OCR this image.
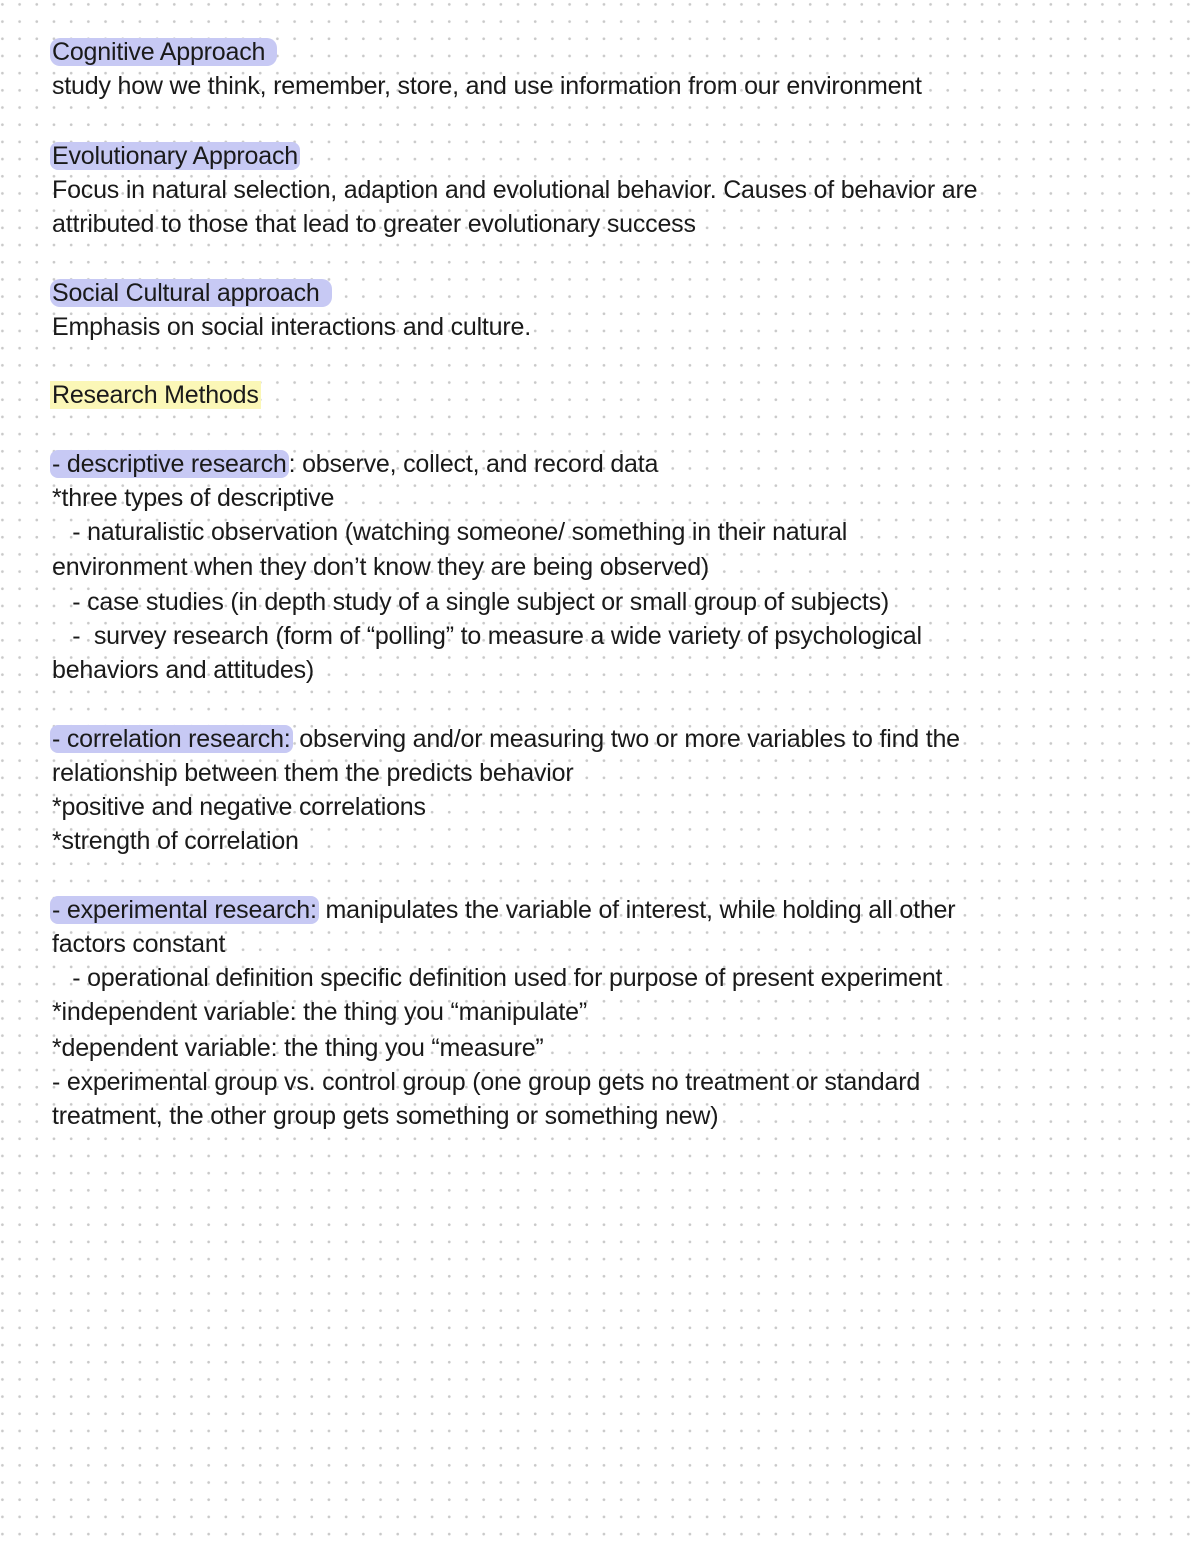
Cognitive Approach
study how we think, remember, store, and use information from our environment
Evolutionary Approach
Focus in natural selection, adaption and evolutional behavior. Causes of behavior are
attributed to those that lead to greater evolutionary success
Social Cultural approach
Emphasis on social interactions and culture.
Research Methods
- descriptive research: observe, collect, and record data
*three types of descriptive
- naturalistic observation (watching someone/ something in their natural
environment when they don’t know they are being observed)
- case studies (in depth study of a single subject or small group of subjects)
-  survey research (form of “polling” to measure a wide variety of psychological
behaviors and attitudes)
- correlation research: observing and/or measuring two or more variables to find the
relationship between them the predicts behavior
*positive and negative correlations
*strength of correlation
- experimental research: manipulates the variable of interest, while holding all other
factors constant
- operational definition specific definition used for purpose of present experiment
*independent variable: the thing you “manipulate”
*dependent variable: the thing you “measure”
- experimental group vs. control group (one group gets no treatment or standard
treatment, the other group gets something or something new)
